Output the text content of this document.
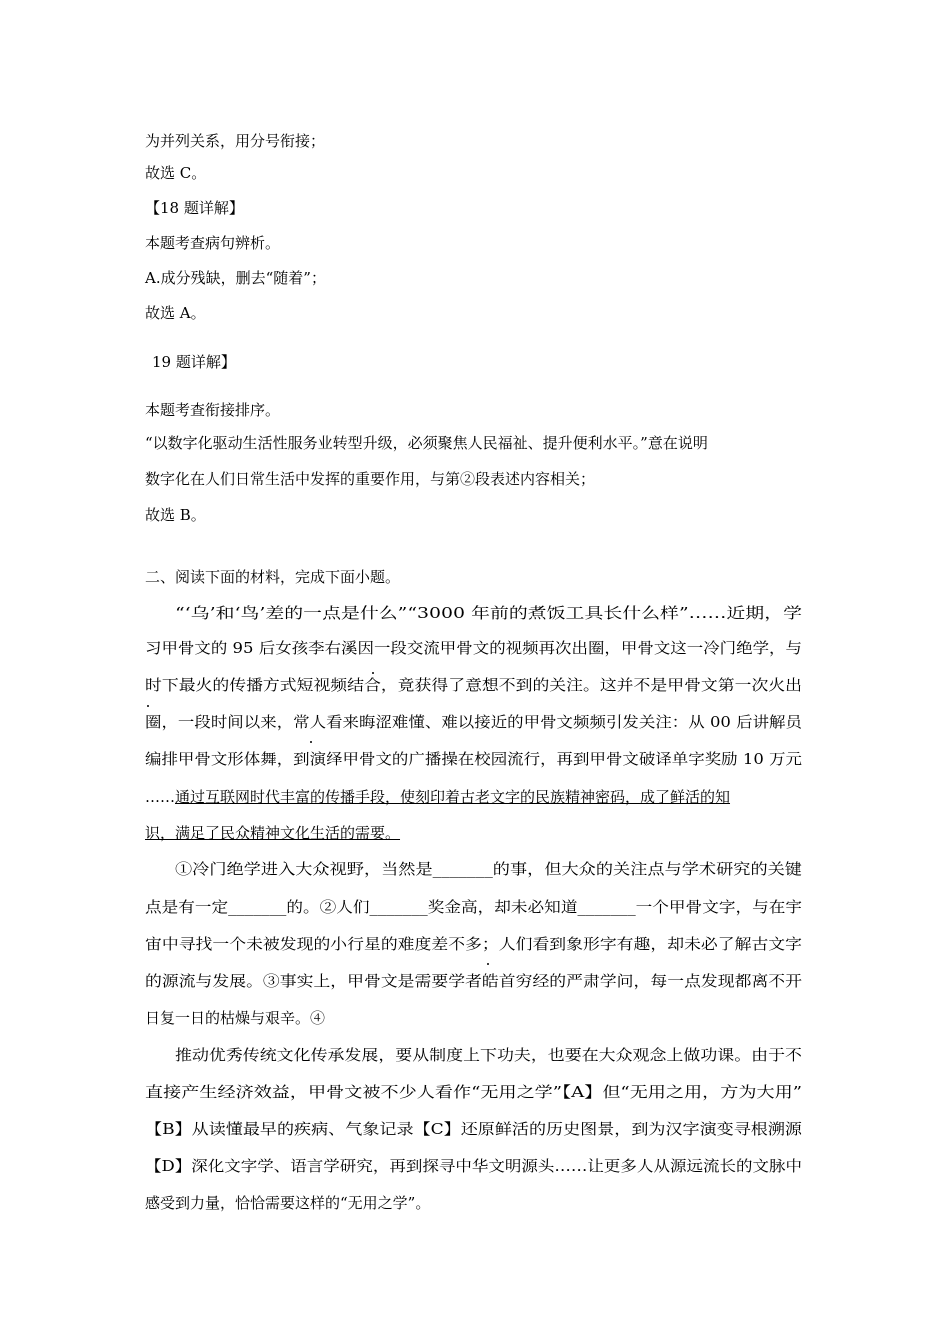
为并列关系，用分号衔接；
故选 C。
【18 题详解】
本题考查病句辨析。
A.成分残缺，删去“随着”；
故选 A。
19 题详解】
本题考查衔接排序。
“以数字化驱动生活性服务业转型升级，必须聚焦人民福祉、提升便利水平。”意在说明
数字化在人们日常生活中发挥的重要作用，与第②段表述内容相关；
故选 B。
二、阅读下面的材料，完成下面小题。
“‘乌’和‘鸟’差的一点是什么”“3000 年前的煮饭工具长什么样”……近期，学
习甲骨文的 95 后女孩李右溪因一段交流甲骨文的视频再次出圈，甲骨文这一冷门绝学，与
时下最火的传播方式短视频结合，竟获得了意想不到的关注。这并不是甲骨文第一次火出
圈，一段时间以来，常人看来晦涩难懂、难以接近的甲骨文频频引发关注：从 00 后讲解员
编排甲骨文形体舞，到演绎甲骨文的广播操在校园流行，再到甲骨文破译单字奖励 10 万元
……通过互联网时代丰富的传播手段，使刻印着古老文字的民族精神密码，成了鲜活的知
识，满足了民众精神文化生活的需要。
①冷门绝学进入大众视野，当然是_______的事，但大众的关注点与学术研究的关键
点是有一定_______的。②人们_______奖金高，却未必知道_______一个甲骨文字，与在宇
宙中寻找一个未被发现的小行星的难度差不多；人们看到象形字有趣，却未必了解古文字
的源流与发展。③事实上，甲骨文是需要学者皓首穷经的严肃学问，每一点发现都离不开
日复一日的枯燥与艰辛。④
推动优秀传统文化传承发展，要从制度上下功夫，也要在大众观念上做功课。由于不
直接产生经济效益，甲骨文被不少人看作“无用之学”【A】但“无用之用，方为大用”
【B】从读懂最早的疾病、气象记录【C】还原鲜活的历史图景，到为汉字演变寻根溯源
【D】深化文字学、语言学研究，再到探寻中华文明源头……让更多人从源远流长的文脉中
感受到力量，恰恰需要这样的“无用之学”。
